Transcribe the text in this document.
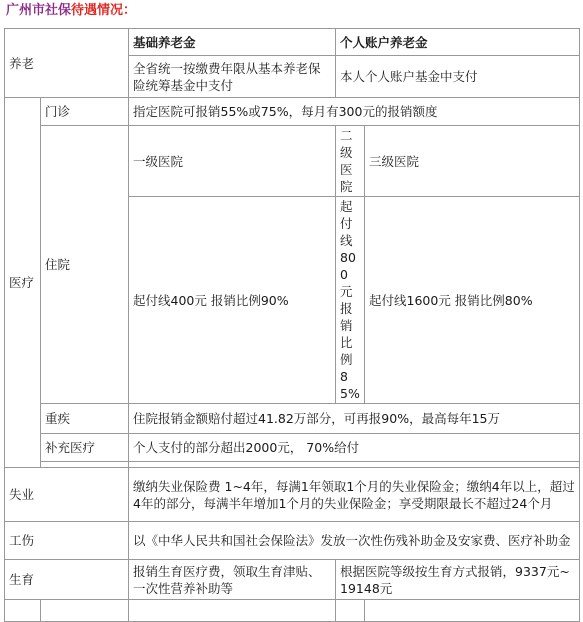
广州市社保待遇情况：
养老		基础养老金	个人账户养老金	
		全省统一按缴费年限从基本养老保险统筹基金中支付	本人个人账户基金中支付	
医疗	门诊	指定医院可报销55%或75%，每月有300元的报销额度		
	住院	一级医院	二级医院	三级医院
		起付线400元 报销比例90%	起付线800元报销比例85%	起付线1600元 报销比例80%
	重疾	住院报销金额赔付超过41.82万部分，可再报90%，最高每年15万		
	补充医疗	个人支付的部分超出2000元， 70%给付		

失业		缴纳失业保险费 1~4年，每满1年领取1个月的失业保险金；缴纳4年以上，超过4年的部分，每满半年增加1个月的失业保险金；享受期限最长不超过24个月		
工伤		以《中华人民共和国社会保险法》发放一次性伤残补助金及安家费、医疗补助金		
生育		报销生育医疗费，领取生育津贴、一次性营养补助等	根据医院等级按生育方式报销，9337元~19148元	
